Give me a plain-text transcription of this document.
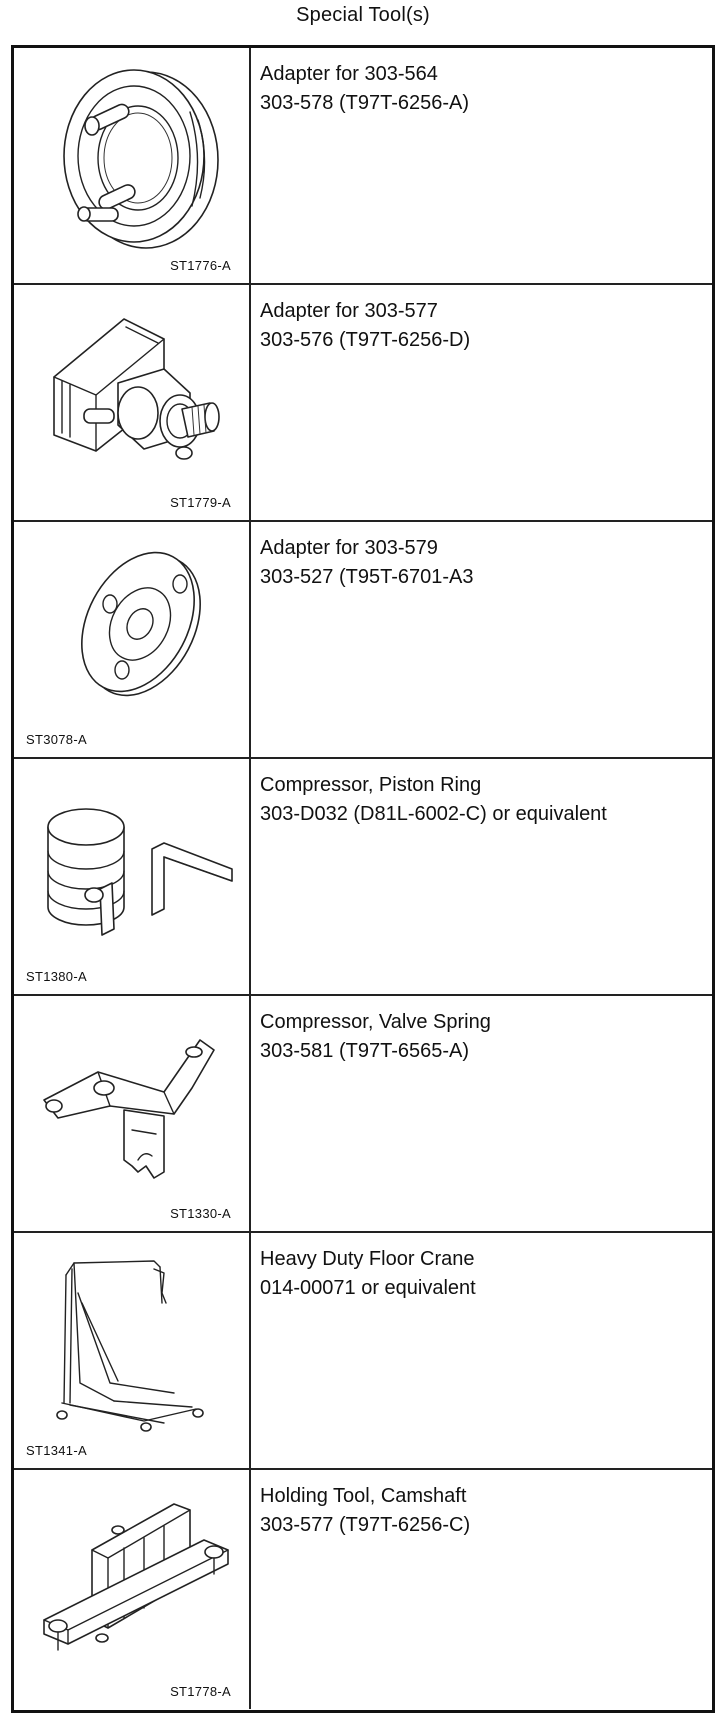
Special Tool(s)
ST1776-A
Adapter for 303-564
303-578 (T97T-6256-A)
ST1779-A
Adapter for 303-577
303-576 (T97T-6256-D)
ST3078-A
Adapter for 303-579
303-527 (T95T-6701-A3
ST1380-A
Compressor, Piston Ring
303-D032 (D81L-6002-C) or equivalent
ST1330-A
Compressor, Valve Spring
303-581 (T97T-6565-A)
ST1341-A
Heavy Duty Floor Crane
014-00071 or equivalent
ST1778-A
Holding Tool, Camshaft
303-577 (T97T-6256-C)
